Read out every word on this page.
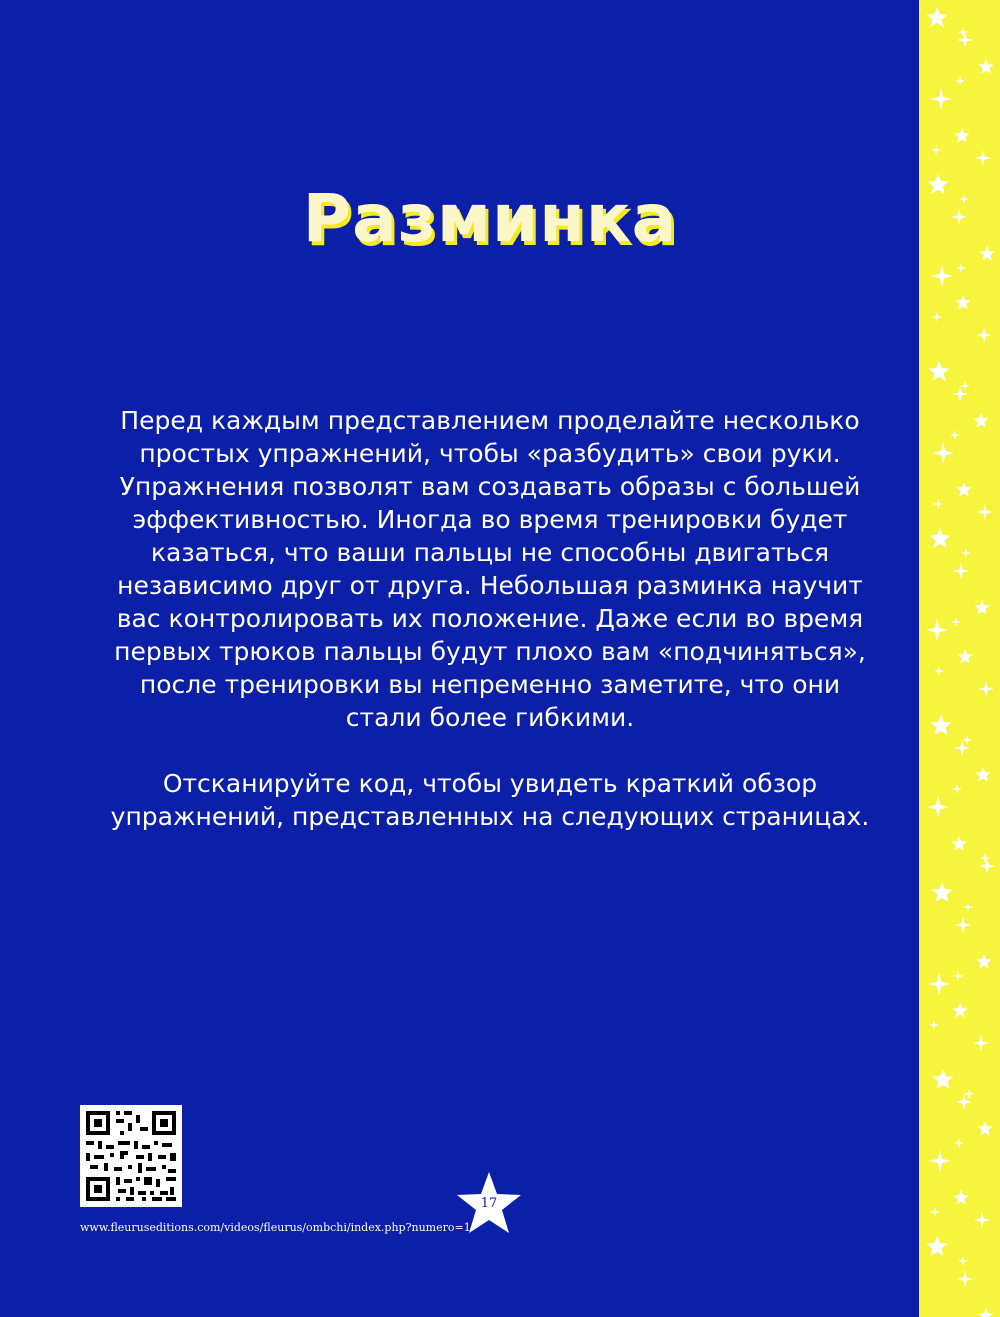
Разминка

Перед каждым представлением проделайте несколько простых упражнений, чтобы «разбудить» свои руки. Упражнения позволят вам создавать образы с большей эффективностью. Иногда во время тренировки будет казаться, что ваши пальцы не способны двигаться независимо друг от друга. Небольшая разминка научит вас контролировать их положение. Даже если во время первых трюков пальцы будут плохо вам «подчиняться», после тренировки вы непременно заметите, что они стали более гибкими.

Отсканируйте код, чтобы увидеть краткий обзор упражнений, представленных на следующих страницах.

www.fleuruseditions.com/videos/fleurus/ombchi/index.php?numero=1
17
